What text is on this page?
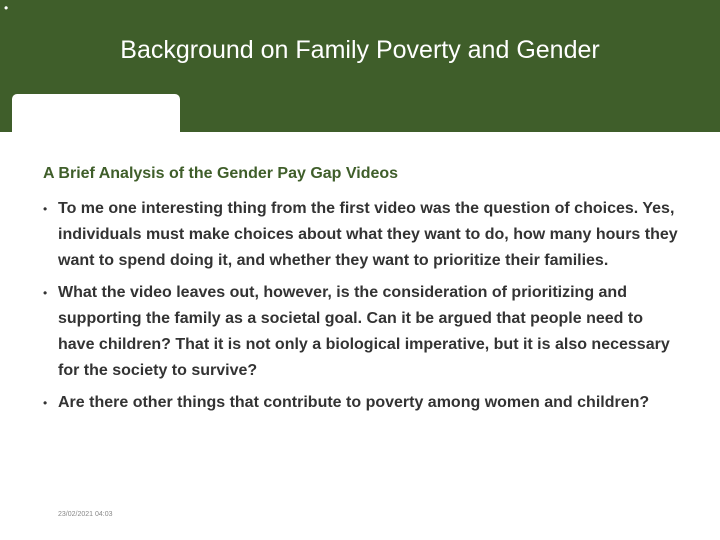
•
Background on Family Poverty and Gender
A Brief Analysis of the Gender Pay Gap Videos
• To me one interesting thing from the first video was the question of choices. Yes, individuals must make choices about what they want to do, how many hours they want to spend doing it, and whether they want to prioritize their families.
• What the video leaves out, however, is the consideration of prioritizing and supporting the family as a societal goal. Can it be argued that people need to have children? That it is not only a biological imperative, but it is also necessary for the society to survive?
• Are there other things that contribute to poverty among women and children?
23/02/2021 04:03
